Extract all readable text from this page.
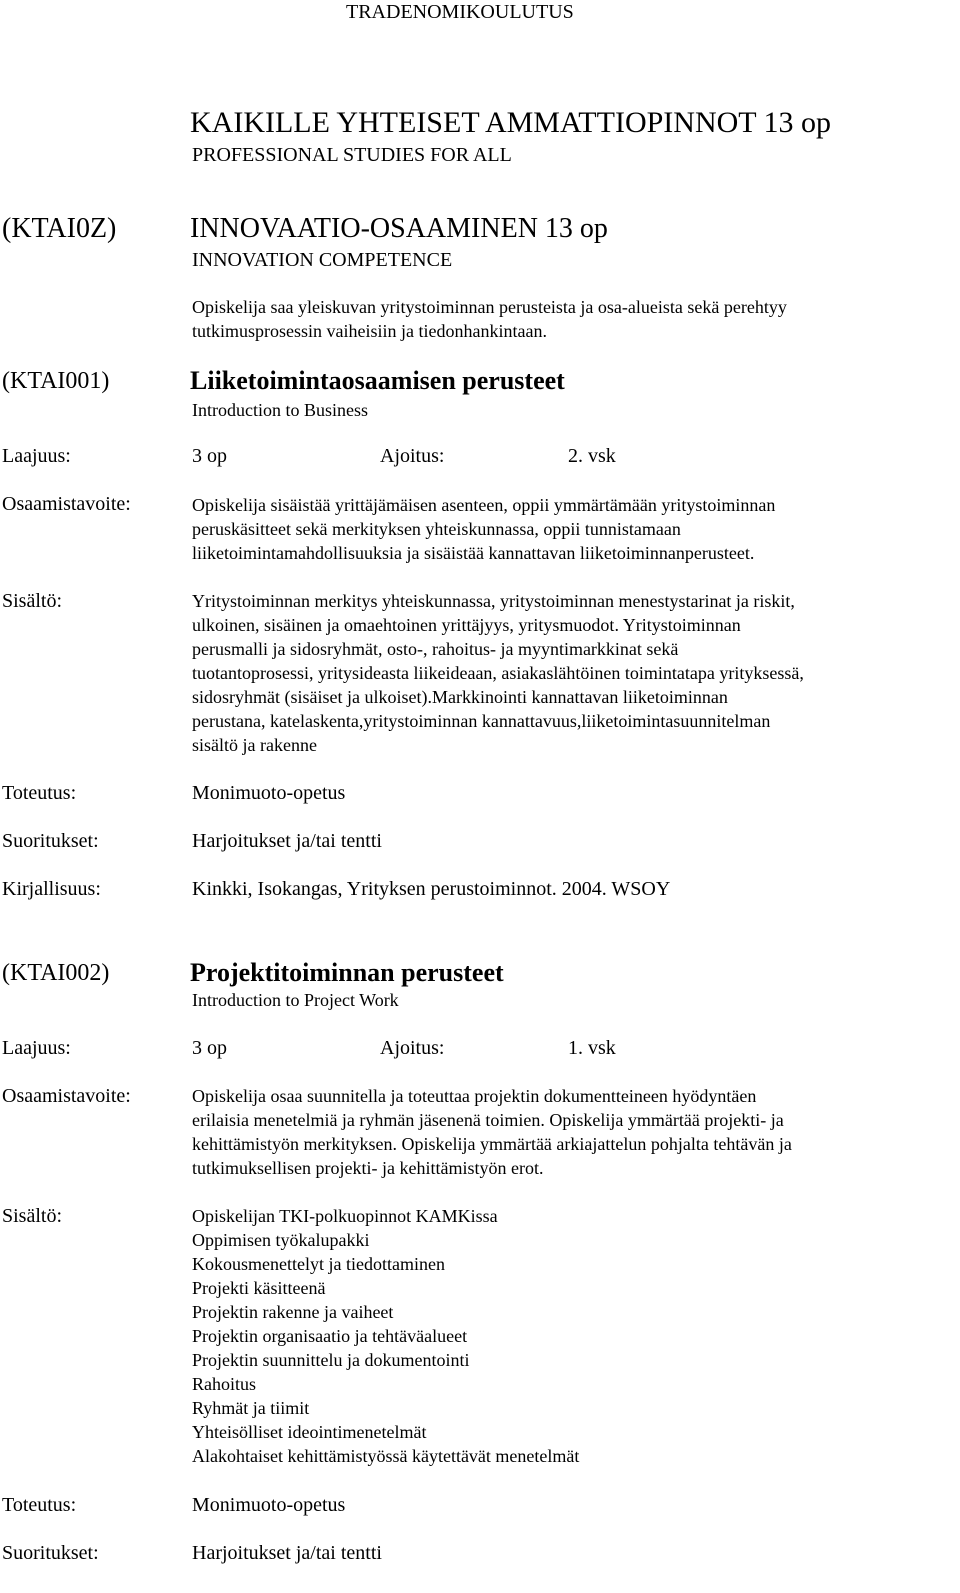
TRADENOMIKOULUTUS
KAIKILLE YHTEISET AMMATTIOPINNOT 13 op
PROFESSIONAL STUDIES FOR ALL
(KTAI0Z)	INNOVAATIO-OSAAMINEN 13 op
INNOVATION COMPETENCE
Opiskelija saa yleiskuvan yritystoiminnan perusteista ja osa-alueista sekä perehtyy
tutkimusprosessin vaiheisiin ja tiedonhankintaan.
(KTAI001)	Liiketoimintaosaamisen perusteet
Introduction to Business
Laajuus:	3 op	Ajoitus:	2. vsk
Osaamistavoite:	Opiskelija sisäistää yrittäjämäisen asenteen, oppii ymmärtämään yritystoiminnan
peruskäsitteet sekä merkityksen yhteiskunnassa, oppii tunnistamaan
liiketoimintamahdollisuuksia ja sisäistää kannattavan liiketoiminnanperusteet.
Sisältö:	Yritystoiminnan merkitys yhteiskunnassa, yritystoiminnan menestystarinat ja riskit,
ulkoinen, sisäinen ja omaehtoinen yrittäjyys, yritysmuodot. Yritystoiminnan
perusmalli ja sidosryhmät, osto-, rahoitus- ja myyntimarkkinat sekä
tuotantoprosessi, yritysideasta liikeideaan, asiakaslähtöinen toimintatapa yrityksessä,
sidosryhmät (sisäiset ja ulkoiset).Markkinointi kannattavan liiketoiminnan
perustana, katelaskenta,yritystoiminnan kannattavuus,liiketoimintasuunnitelman
sisältö ja rakenne
Toteutus:	Monimuoto-opetus
Suoritukset:	Harjoitukset ja/tai tentti
Kirjallisuus:	Kinkki, Isokangas, Yrityksen perustoiminnot. 2004. WSOY
(KTAI002)	Projektitoiminnan perusteet
Introduction to Project Work
Laajuus:	3 op	Ajoitus:	1. vsk
Osaamistavoite:	Opiskelija osaa suunnitella ja toteuttaa projektin dokumentteineen hyödyntäen
erilaisia menetelmiä ja ryhmän jäsenenä toimien. Opiskelija ymmärtää projekti- ja
kehittämistyön merkityksen. Opiskelija ymmärtää arkiajattelun pohjalta tehtävän ja
tutkimuksellisen projekti- ja kehittämistyön erot.
Sisältö:	Opiskelijan TKI-polkuopinnot KAMKissa
Oppimisen työkalupakki
Kokousmenettelyt ja tiedottaminen
Projekti käsitteenä
Projektin rakenne ja vaiheet
Projektin organisaatio ja tehtäväalueet
Projektin suunnittelu ja dokumentointi
Rahoitus
Ryhmät ja tiimit
Yhteisölliset ideointimenetelmät
Alakohtaiset kehittämistyössä käytettävät menetelmät
Toteutus:	Monimuoto-opetus
Suoritukset:	Harjoitukset ja/tai tentti
